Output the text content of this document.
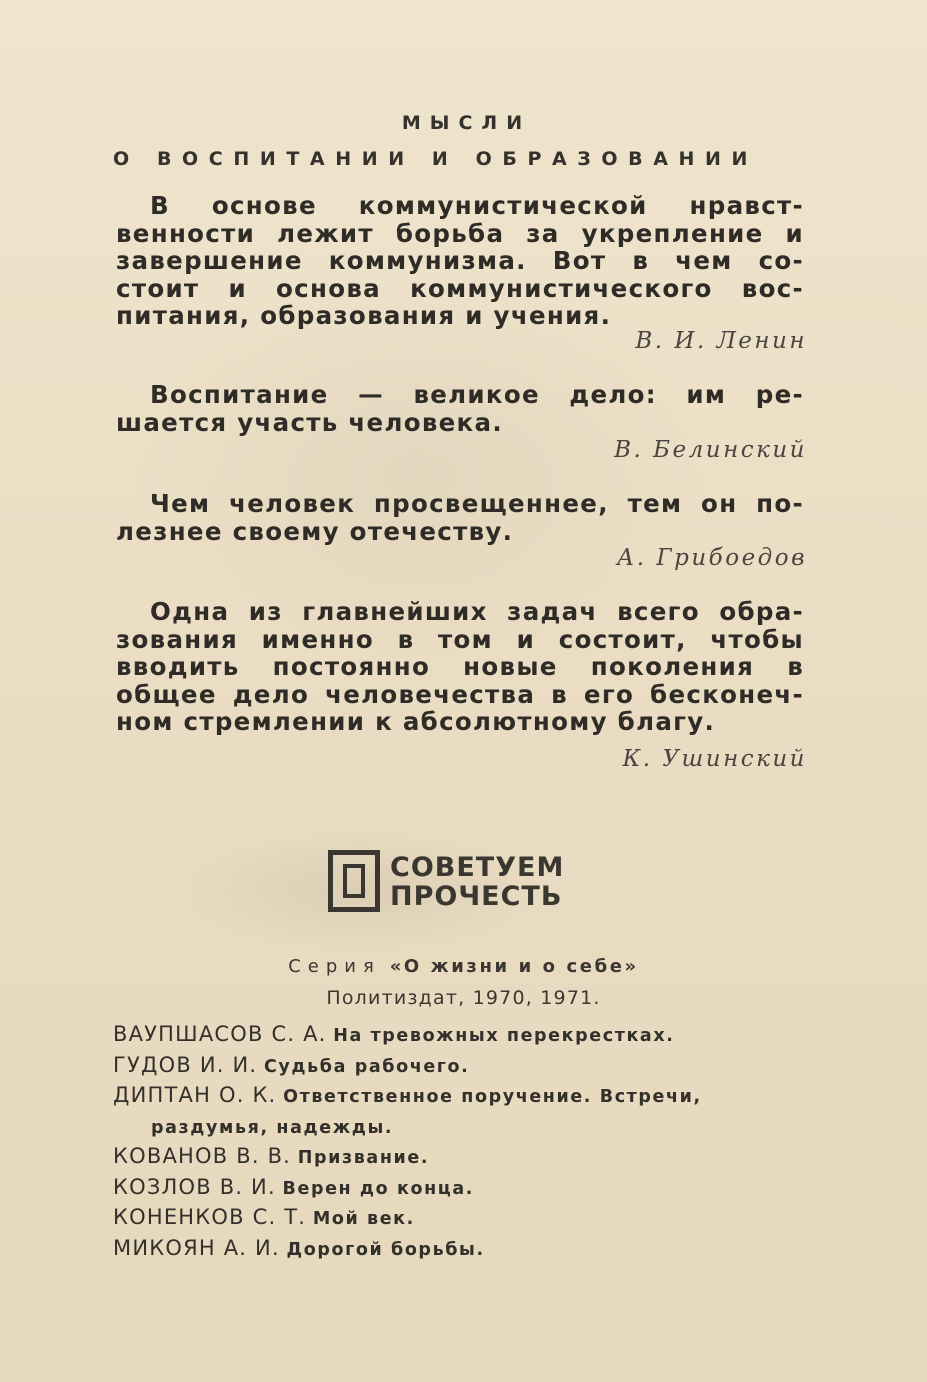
МЫСЛИ
О ВОСПИТАНИИ И ОБРАЗОВАНИИ
В основе коммунистической нравст-
венности лежит борьба за укрепление и
завершение коммунизма. Вот в чем со-
стоит и основа коммунистического вос-
питания, образования и учения.
В. И. Ленин
Воспитание — великое дело: им ре-
шается участь человека.
В. Белинский
Чем человек просвещеннее, тем он по-
лезнее своему отечеству.
А. Грибоедов
Одна из главнейших задач всего обра-
зования именно в том и состоит, чтобы
вводить постоянно новые поколения в
общее дело человечества в его бесконеч-
ном стремлении к абсолютному благу.
К. Ушинский
СОВЕТУЕМ
ПРОЧЕСТЬ
Серия «О жизни и о себе»
Политиздат, 1970, 1971.
ВАУПШАСОВ С. А. На тревожных перекрестках.
ГУДОВ И. И. Судьба рабочего.
ДИПТАН О. К. Ответственное поручение. Встречи,
раздумья, надежды.
КОВАНОВ В. В. Призвание.
КОЗЛОВ В. И. Верен до конца.
КОНЕНКОВ С. Т. Мой век.
МИКОЯН А. И. Дорогой борьбы.
